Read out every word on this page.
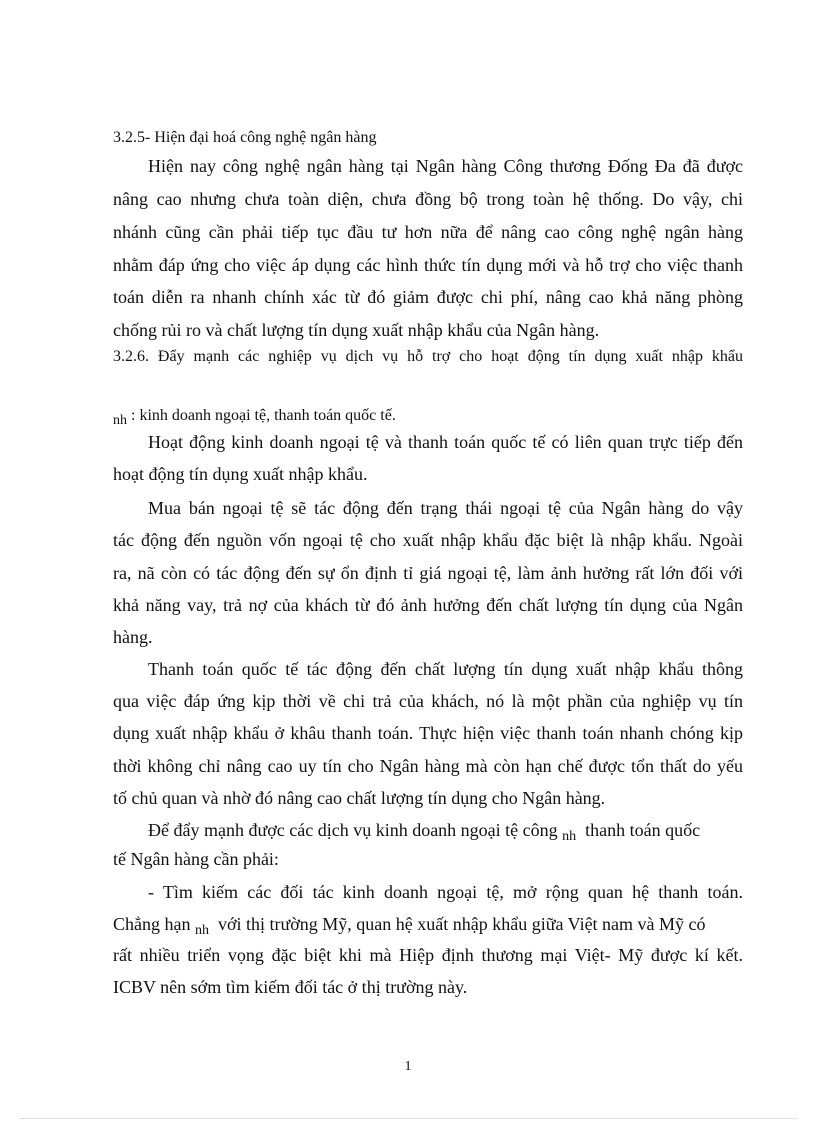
3.2.5- Hiện đại hoá công nghệ ngân hàng
Hiện nay công nghệ ngân hàng tại Ngân hàng Công thương Đống Đa đã được
nâng cao nhưng chưa toàn diện, chưa đồng bộ trong toàn hệ thống. Do vậy, chi
nhánh cũng cần phải tiếp tục đầu tư hơn nữa để nâng cao công nghệ ngân hàng
nhằm đáp ứng cho việc áp dụng các hình thức tín dụng mới và hỗ trợ cho việc thanh
toán diễn ra nhanh chính xác từ đó giảm được chi phí, nâng cao khả năng phòng
chống rủi ro và chất lượng tín dụng xuất nhập khẩu của Ngân hàng.
3.2.6. Đẩy mạnh các nghiệp vụ dịch vụ hỗ trợ cho hoạt động tín dụng xuất nhập khẩu
nh : kinh doanh ngoại tệ, thanh toán quốc tế.
Hoạt động kinh doanh ngoại tệ và thanh toán quốc tế có liên quan trực tiếp đến
hoạt động tín dụng xuất nhập khẩu.
Mua bán ngoại tệ sẽ tác động đến trạng thái ngoại tệ của Ngân hàng do vậy
tác động đến nguồn vốn ngoại tệ cho xuất nhập khẩu đặc biệt là nhập khẩu. Ngoài
ra, nã còn có tác động đến sự ổn định tỉ giá ngoại tệ, làm ảnh hưởng rất lớn đối với
khả năng vay, trả nợ của khách từ đó ảnh hưởng đến chất lượng tín dụng của Ngân
hàng.
Thanh toán quốc tế tác động đến chất lượng tín dụng xuất nhập khẩu thông
qua việc đáp ứng kịp thời về chi trả của khách, nó là một phần của nghiệp vụ tín
dụng xuất nhập khẩu ở khâu thanh toán. Thực hiện việc thanh toán nhanh chóng kịp
thời không chỉ nâng cao uy tín cho Ngân hàng mà còn hạn chế được tổn thất do yếu
tố chủ quan và nhờ đó nâng cao chất lượng tín dụng cho Ngân hàng.
Để đẩy mạnh được các dịch vụ kinh doanh ngoại tệ công $_{nh}$ thanh toán quốc
tế Ngân hàng cần phải:
- Tìm kiếm các đối tác kinh doanh ngoại tệ, mở rộng quan hệ thanh toán.
Chẳng hạn $_{nh}$ với thị trường Mỹ, quan hệ xuất nhập khẩu giữa Việt nam và Mỹ có
rất nhiều triển vọng đặc biệt khi mà Hiệp định thương mại Việt- Mỹ được kí kết.
ICBV nên sớm tìm kiếm đối tác ở thị trường này.
1
